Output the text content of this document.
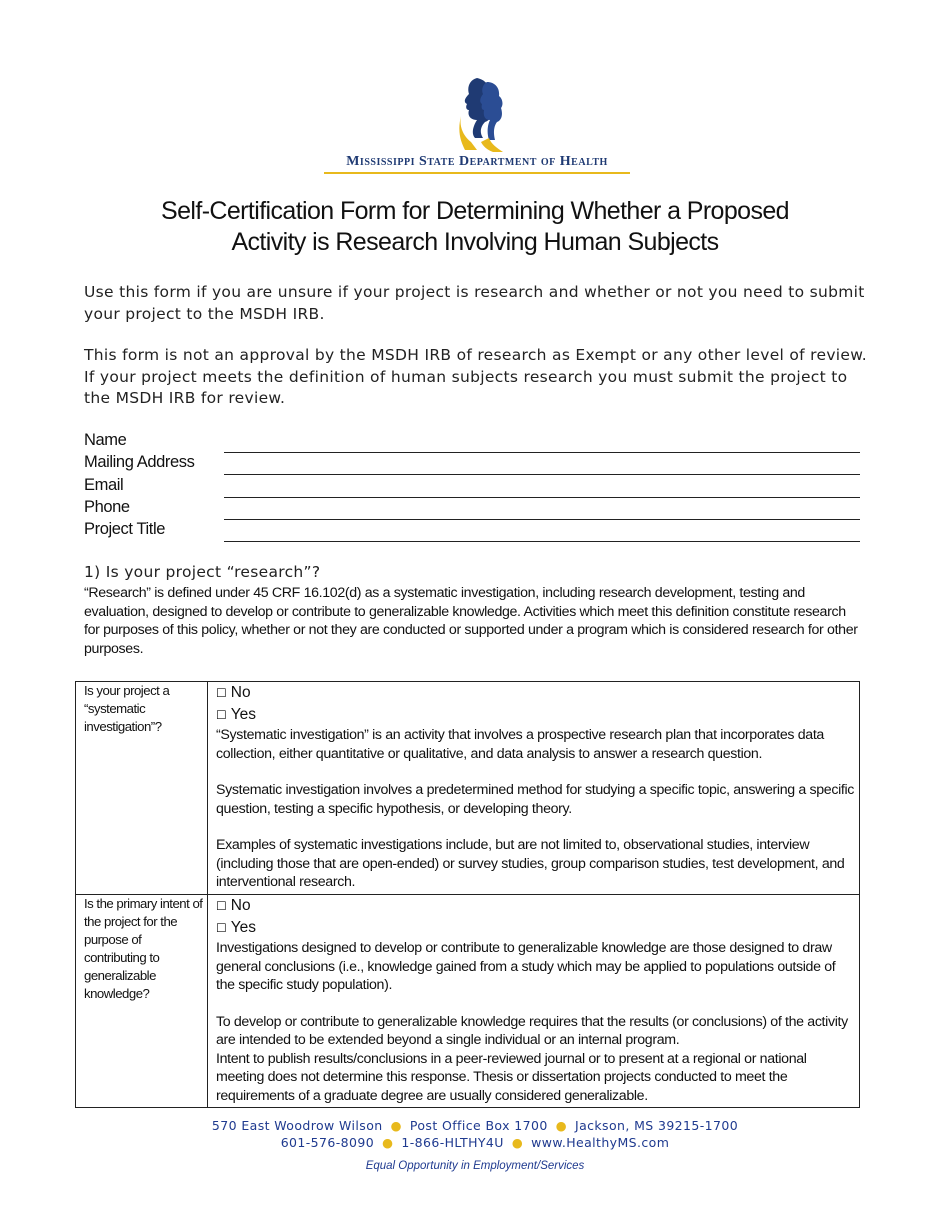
Mississippi State Department of Health
Self-Certification Form for Determining Whether a Proposed
Activity is Research Involving Human Subjects

Use this form if you are unsure if your project is research and whether or not you need to submit your project to the MSDH IRB.

This form is not an approval by the MSDH IRB of research as Exempt or any other level of review. If your project meets the definition of human subjects research you must submit the project to the MSDH IRB for review.

Name
Mailing Address
Email
Phone
Project Title
1) Is your project “research”?

“Research” is defined under 45 CRF 16.102(d) as a systematic investigation, including research development, testing and evaluation, designed to develop or contribute to generalizable knowledge. Activities which meet this definition constitute research for purposes of this policy, whether or not they are conducted or supported under a program which is considered research for other purposes.

Is your project a “systematic investigation”?	☐ No
☐ Yes

“Systematic investigation” is an activity that involves a prospective research plan that incorporates data collection, either quantitative or qualitative, and data analysis to answer a research question.

Systematic investigation involves a predetermined method for studying a specific topic, answering a specific question, testing a specific hypothesis, or developing theory.

Examples of systematic investigations include, but are not limited to, observational studies, interview (including those that are open-ended) or survey studies, group comparison studies, test development, and interventional research.

Is the primary intent of the project for the purpose of contributing to generalizable knowledge?	☐ No
☐ Yes

Investigations designed to develop or contribute to generalizable knowledge are those designed to draw general conclusions (i.e., knowledge gained from a study which may be applied to populations outside of the specific study population).

To develop or contribute to generalizable knowledge requires that the results (or conclusions) of the activity are intended to be extended beyond a single individual or an internal program.

Intent to publish results/conclusions in a peer-reviewed journal or to present at a regional or national meeting does not determine this response. Thesis or dissertation projects conducted to meet the requirements of a graduate degree are usually considered generalizable.

570 East Woodrow Wilson ● Post Office Box 1700 ● Jackson, MS 39215-1700
601-576-8090 ● 1-866-HLTHY4U ● www.HealthyMS.com
Equal Opportunity in Employment/Services
